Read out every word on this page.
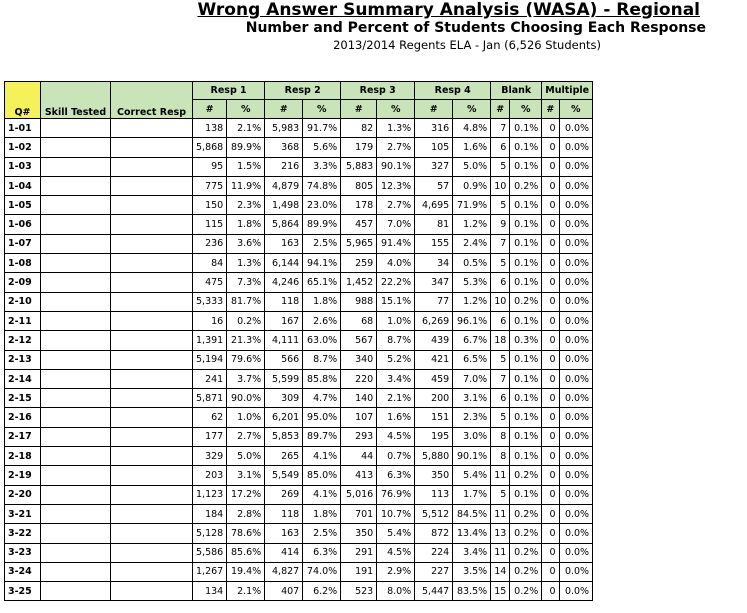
Wrong Answer Summary Analysis (WASA) - Regional
Number and Percent of Students Choosing Each Response
2013/2014 Regents ELA - Jan (6,526 Students)
Q#	Skill Tested	Correct Resp	Resp 1		Resp 2		Resp 3		Resp 4		Blank		Multiple	
			#	%	#	%	#	%	#	%	#	%	#	%
1-01			138	2.1%	5,983	91.7%	82	1.3%	316	4.8%	7	0.1%	0	0.0%
1-02			5,868	89.9%	368	5.6%	179	2.7%	105	1.6%	6	0.1%	0	0.0%
1-03			95	1.5%	216	3.3%	5,883	90.1%	327	5.0%	5	0.1%	0	0.0%
1-04			775	11.9%	4,879	74.8%	805	12.3%	57	0.9%	10	0.2%	0	0.0%
1-05			150	2.3%	1,498	23.0%	178	2.7%	4,695	71.9%	5	0.1%	0	0.0%
1-06			115	1.8%	5,864	89.9%	457	7.0%	81	1.2%	9	0.1%	0	0.0%
1-07			236	3.6%	163	2.5%	5,965	91.4%	155	2.4%	7	0.1%	0	0.0%
1-08			84	1.3%	6,144	94.1%	259	4.0%	34	0.5%	5	0.1%	0	0.0%
2-09			475	7.3%	4,246	65.1%	1,452	22.2%	347	5.3%	6	0.1%	0	0.0%
2-10			5,333	81.7%	118	1.8%	988	15.1%	77	1.2%	10	0.2%	0	0.0%
2-11			16	0.2%	167	2.6%	68	1.0%	6,269	96.1%	6	0.1%	0	0.0%
2-12			1,391	21.3%	4,111	63.0%	567	8.7%	439	6.7%	18	0.3%	0	0.0%
2-13			5,194	79.6%	566	8.7%	340	5.2%	421	6.5%	5	0.1%	0	0.0%
2-14			241	3.7%	5,599	85.8%	220	3.4%	459	7.0%	7	0.1%	0	0.0%
2-15			5,871	90.0%	309	4.7%	140	2.1%	200	3.1%	6	0.1%	0	0.0%
2-16			62	1.0%	6,201	95.0%	107	1.6%	151	2.3%	5	0.1%	0	0.0%
2-17			177	2.7%	5,853	89.7%	293	4.5%	195	3.0%	8	0.1%	0	0.0%
2-18			329	5.0%	265	4.1%	44	0.7%	5,880	90.1%	8	0.1%	0	0.0%
2-19			203	3.1%	5,549	85.0%	413	6.3%	350	5.4%	11	0.2%	0	0.0%
2-20			1,123	17.2%	269	4.1%	5,016	76.9%	113	1.7%	5	0.1%	0	0.0%
3-21			184	2.8%	118	1.8%	701	10.7%	5,512	84.5%	11	0.2%	0	0.0%
3-22			5,128	78.6%	163	2.5%	350	5.4%	872	13.4%	13	0.2%	0	0.0%
3-23			5,586	85.6%	414	6.3%	291	4.5%	224	3.4%	11	0.2%	0	0.0%
3-24			1,267	19.4%	4,827	74.0%	191	2.9%	227	3.5%	14	0.2%	0	0.0%
3-25			134	2.1%	407	6.2%	523	8.0%	5,447	83.5%	15	0.2%	0	0.0%
